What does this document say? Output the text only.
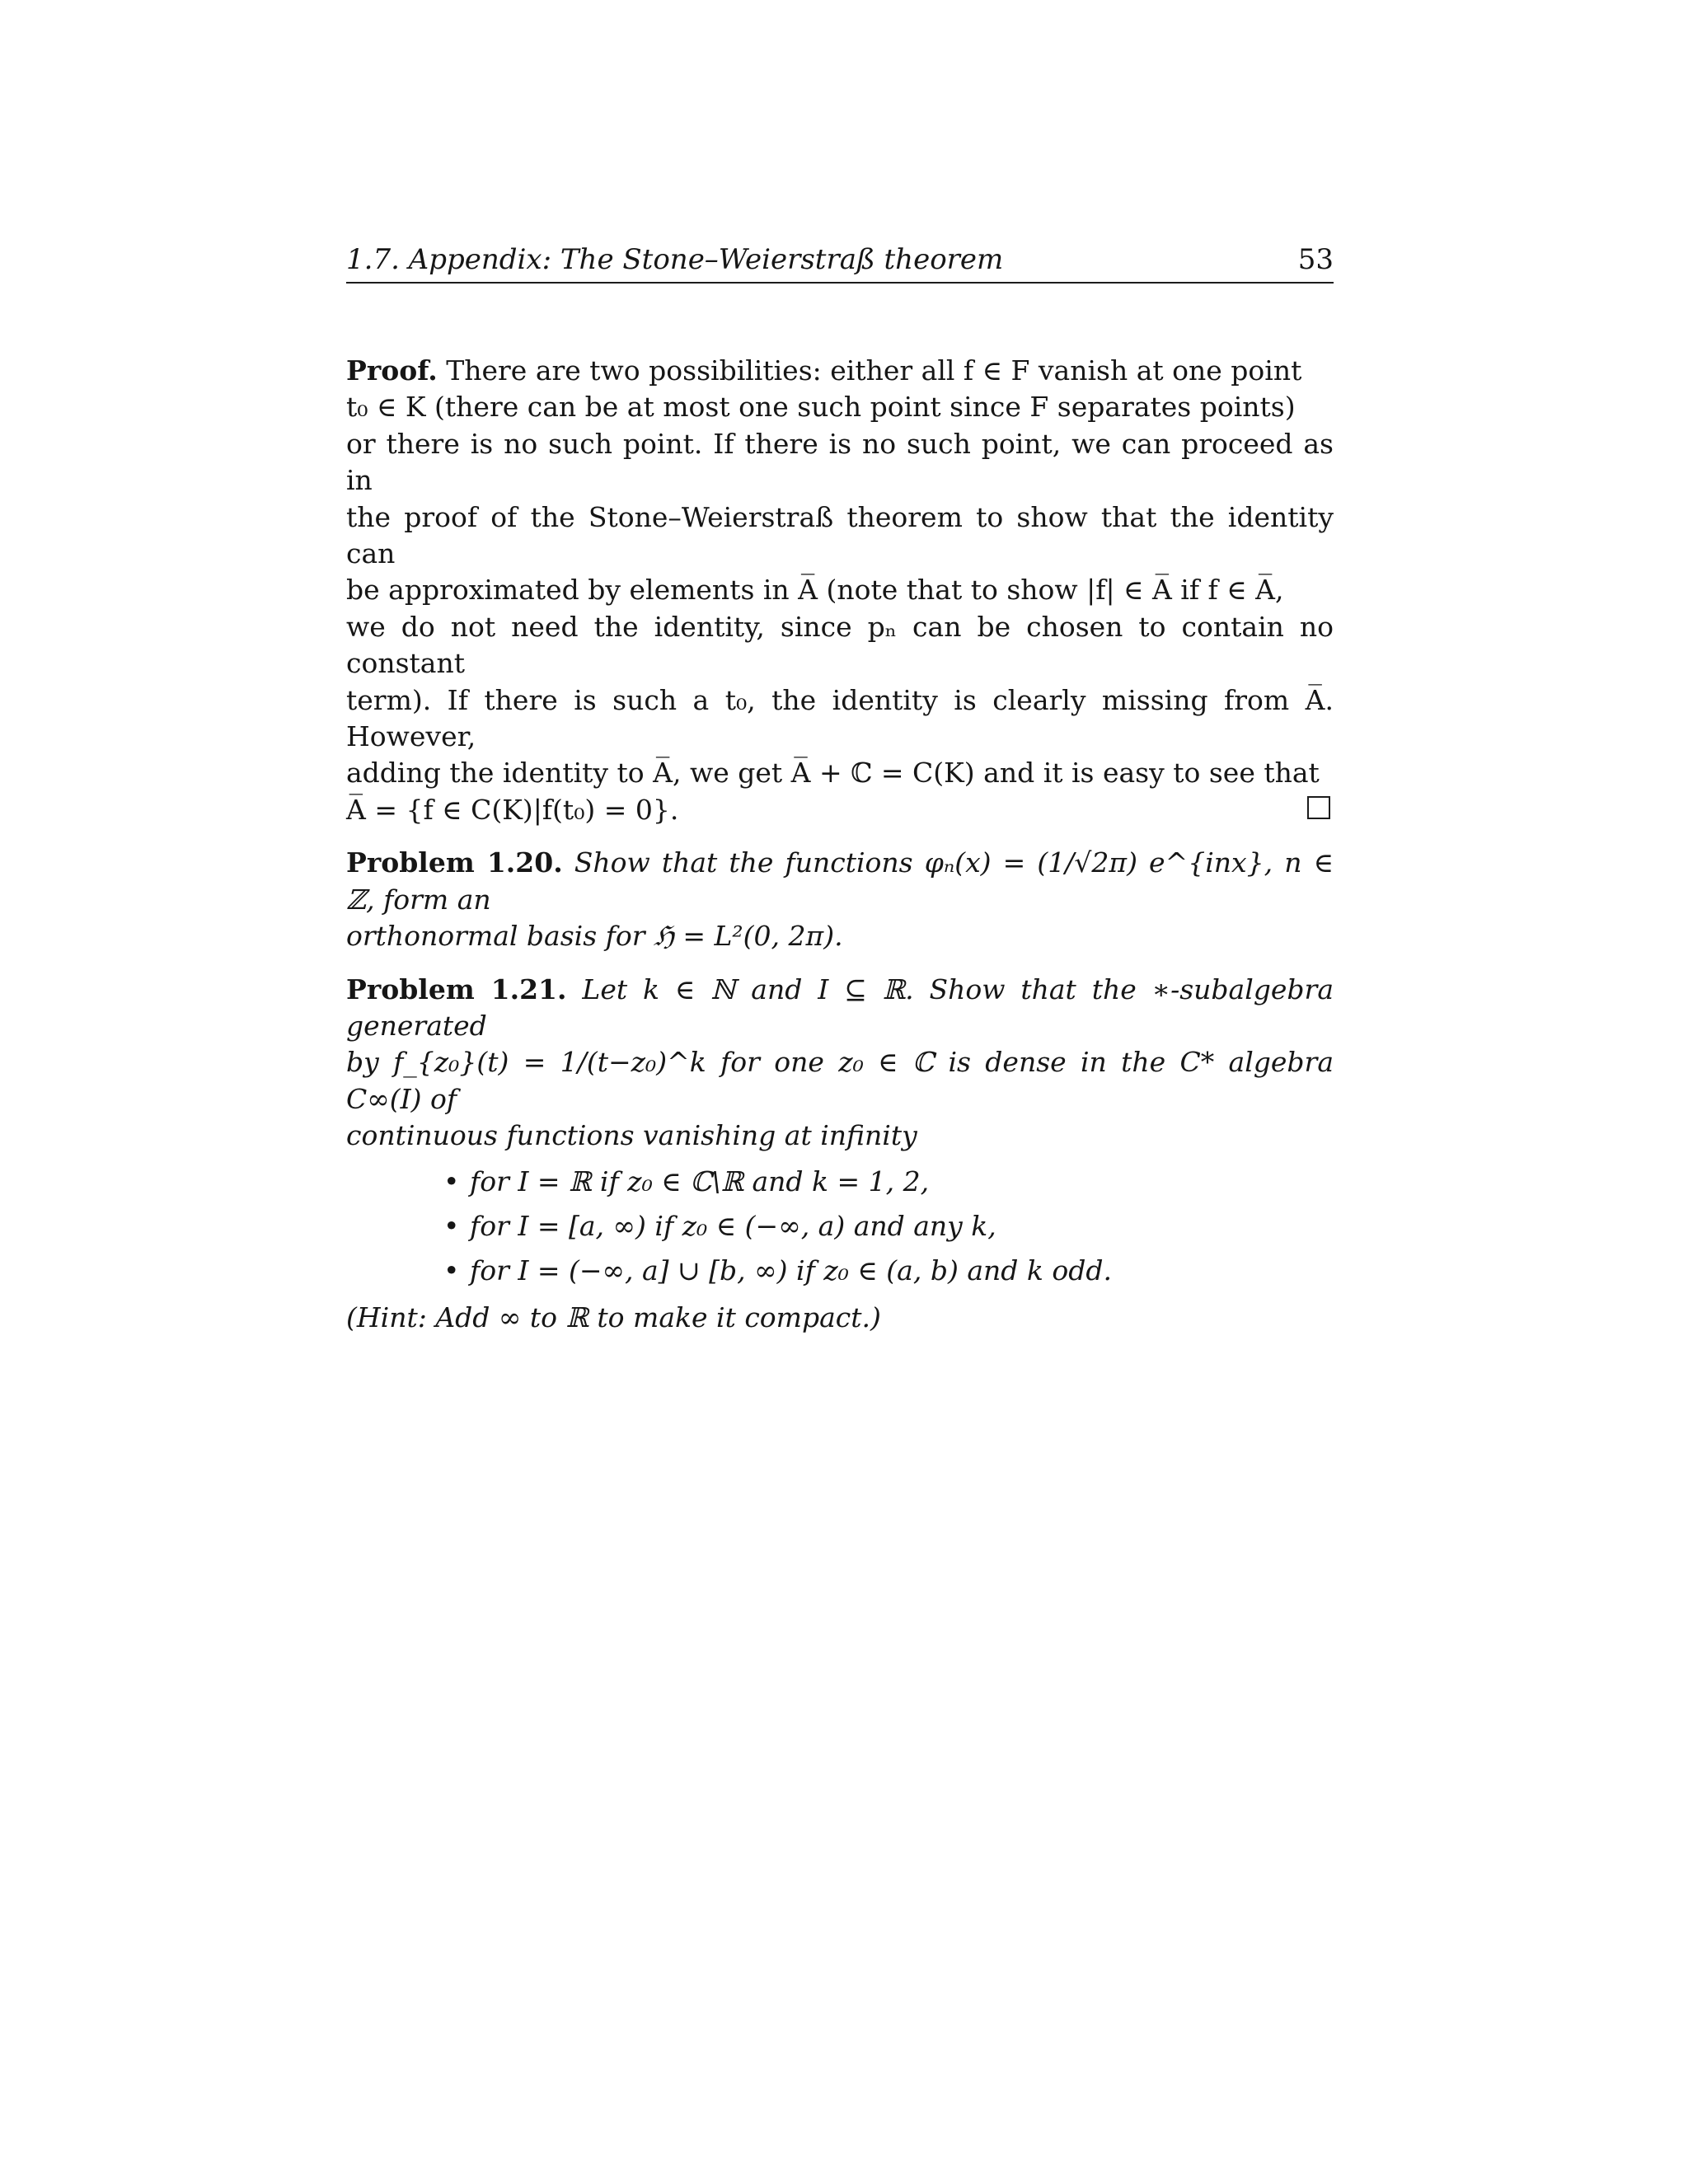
1.7. Appendix: The Stone–Weierstraß theorem	53
Proof. There are two possibilities: either all f ∈ F vanish at one point
t₀ ∈ K (there can be at most one such point since F separates points)
or there is no such point. If there is no such point, we can proceed as in
the proof of the Stone–Weierstraß theorem to show that the identity can
be approximated by elements in A̅ (note that to show |f| ∈ A̅ if f ∈ A̅,
we do not need the identity, since pₙ can be chosen to contain no constant
term). If there is such a t₀, the identity is clearly missing from A̅. However,
adding the identity to A̅, we get A̅ + ℂ = C(K) and it is easy to see that
A̅ = {f ∈ C(K)|f(t₀) = 0}.
Problem 1.20. Show that the functions φₙ(x) = (1/√2π) e^{inx}, n ∈ ℤ, form an
orthonormal basis for ℌ = L²(0, 2π).
Problem 1.21. Let k ∈ ℕ and I ⊆ ℝ. Show that the ∗-subalgebra generated
by f_{z₀}(t) = 1/(t−z₀)^k for one z₀ ∈ ℂ is dense in the C* algebra C∞(I) of
continuous functions vanishing at infinity
• for I = ℝ if z₀ ∈ ℂ\ℝ and k = 1, 2,
• for I = [a, ∞) if z₀ ∈ (−∞, a) and any k,
• for I = (−∞, a] ∪ [b, ∞) if z₀ ∈ (a, b) and k odd.
(Hint: Add ∞ to ℝ to make it compact.)
